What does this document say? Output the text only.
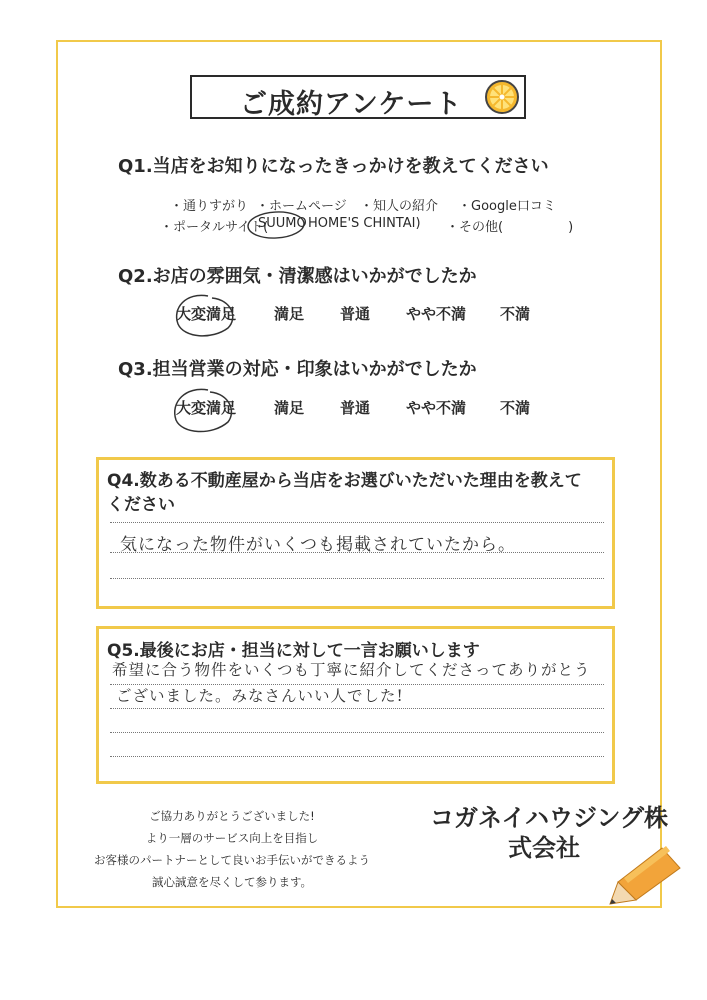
ご成約アンケート
Q1.当店をお知りになったきっかけを教えてください
・通りすがり ・ホームページ ・知人の紹介 ・Google口コミ
・ポータルサイト(
SUUMO HOME'S CHINTAI) ・その他(　　　　　)
Q2.お店の雰囲気・清潔感はいかがでしたか
大変満足	満足 普通 やや不満 不満
Q3.担当営業の対応・印象はいかがでしたか
大変満足	満足 普通 やや不満 不満
Q4.数ある不動産屋から当店をお選びいただいた理由を教えて
ください
気になった物件がいくつも掲載されていたから。
Q5.最後にお店・担当に対して一言お願いします
希望に合う物件をいくつも丁寧に紹介してくださってありがとう
ございました。みなさんいい人でした!
ご協力ありがとうございました!
より一層のサービス向上を目指し
お客様のパートナーとして良いお手伝いができるよう
誠心誠意を尽くして参ります。
コガネイハウジング株
式会社
